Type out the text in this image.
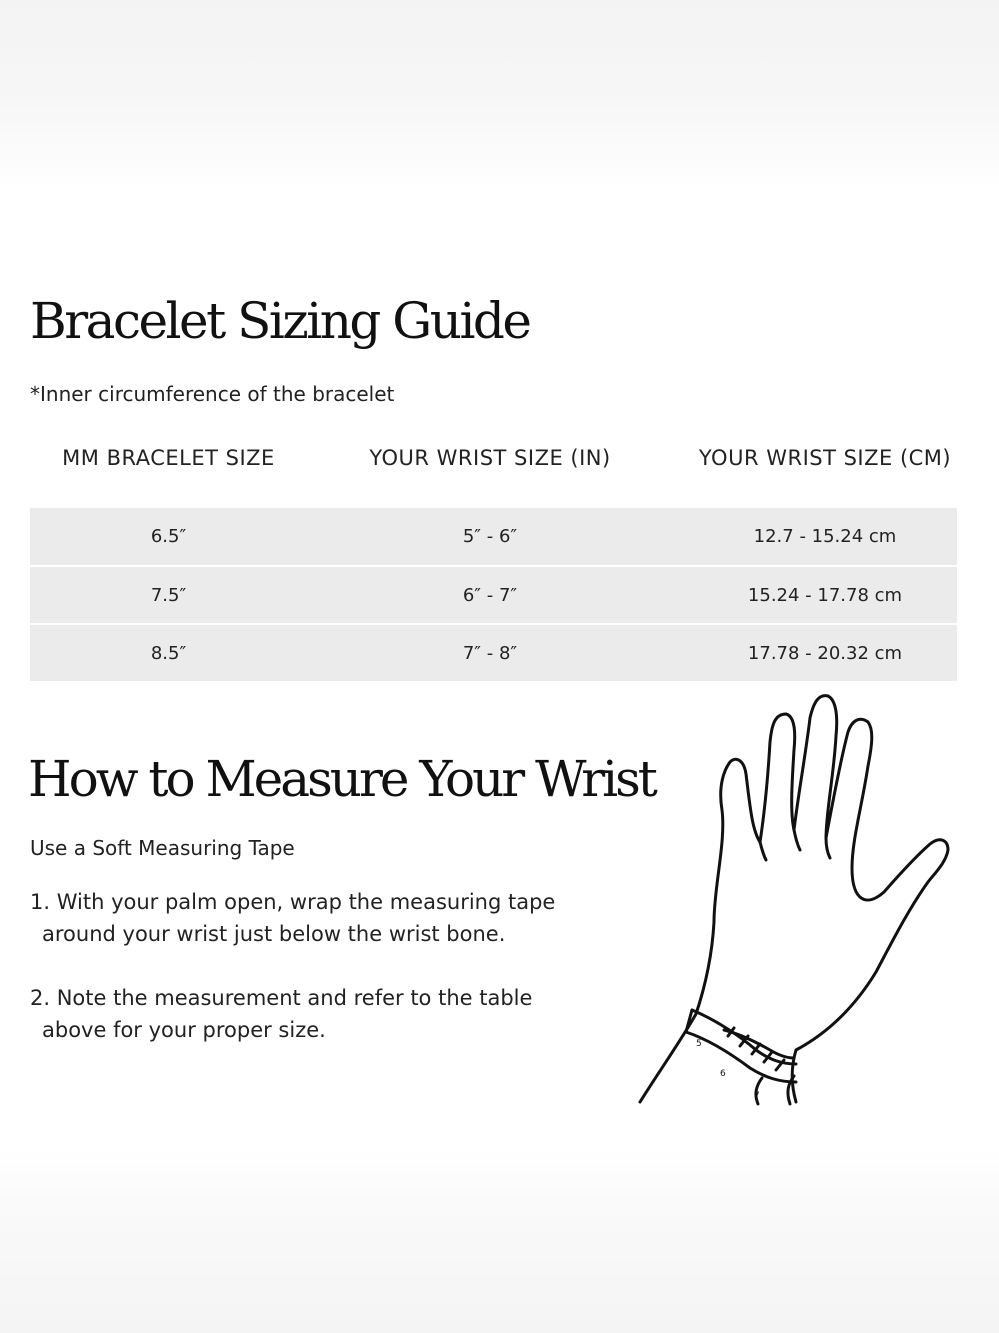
Bracelet Sizing Guide

*Inner circumference of the bracelet

MM BRACELET SIZE	YOUR WRIST SIZE (IN)	YOUR WRIST SIZE (CM)
6.5″	5″ - 6″	12.7 - 15.24 cm
7.5″	6″ - 7″	15.24 - 17.78 cm
8.5″	7″ - 8″	17.78 - 20.32 cm
How to Measure Your Wrist

Use a Soft Measuring Tape

1. With your palm open, wrap the measuring tape
around your wrist just below the wrist bone.

2. Note the measurement and refer to the table
above for your proper size.

5
6
7
